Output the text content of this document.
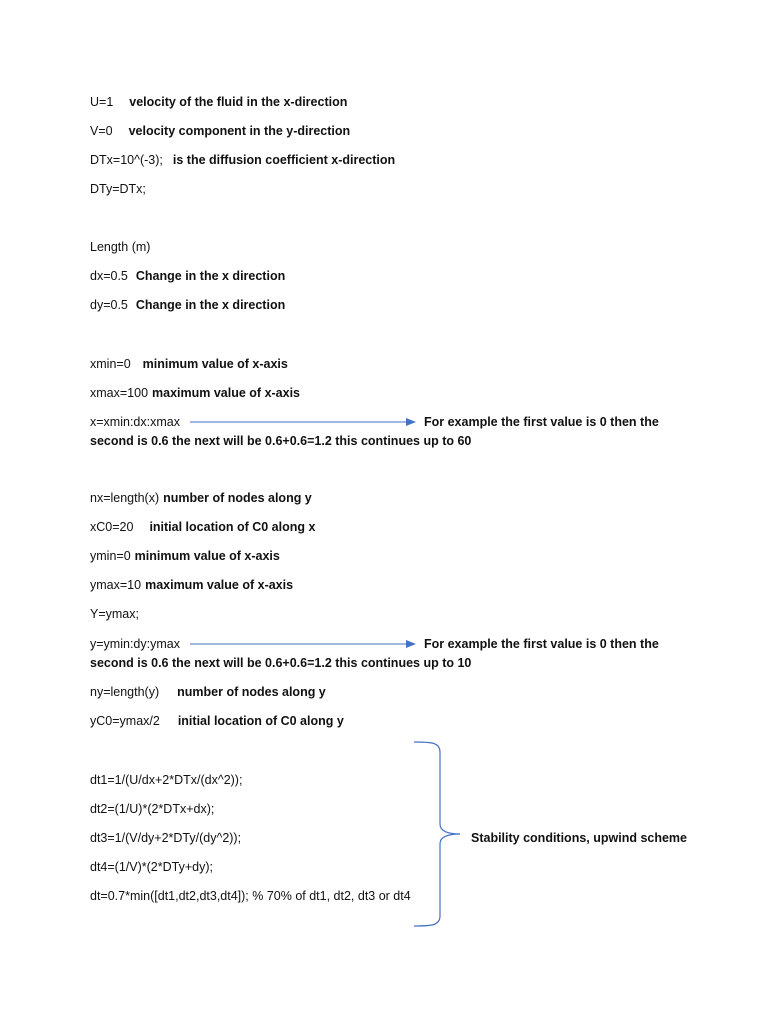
U=1 velocity of the fluid in the x-direction
V=0 velocity component in the y-direction
DTx=10^(-3); is the diffusion coefficient x-direction
DTy=DTx;
Length (m)
dx=0.5 Change in the x direction
dy=0.5 Change in the x direction
xmin=0 minimum value of x-axis
xmax=100 maximum value of x-axis
x=xmin:dx:xmax	For example the first value is 0 then the
second is 0.6 the next will be 0.6+0.6=1.2 this continues up to 60
nx=length(x) number of nodes along y
xC0=20 initial location of C0 along x
ymin=0 minimum value of x-axis
ymax=10 maximum value of x-axis
Y=ymax;
y=ymin:dy:ymax	For example the first value is 0 then the
second is 0.6 the next will be 0.6+0.6=1.2 this continues up to 10
ny=length(y) number of nodes along y
yC0=ymax/2 initial location of C0 along y
dt1=1/(U/dx+2*DTx/(dx^2));
dt2=(1/U)*(2*DTx+dx);
dt3=1/(V/dy+2*DTy/(dy^2));
dt4=(1/V)*(2*DTy+dy);
dt=0.7*min([dt1,dt2,dt3,dt4]); % 70% of dt1, dt2, dt3 or dt4
Stability conditions, upwind scheme
